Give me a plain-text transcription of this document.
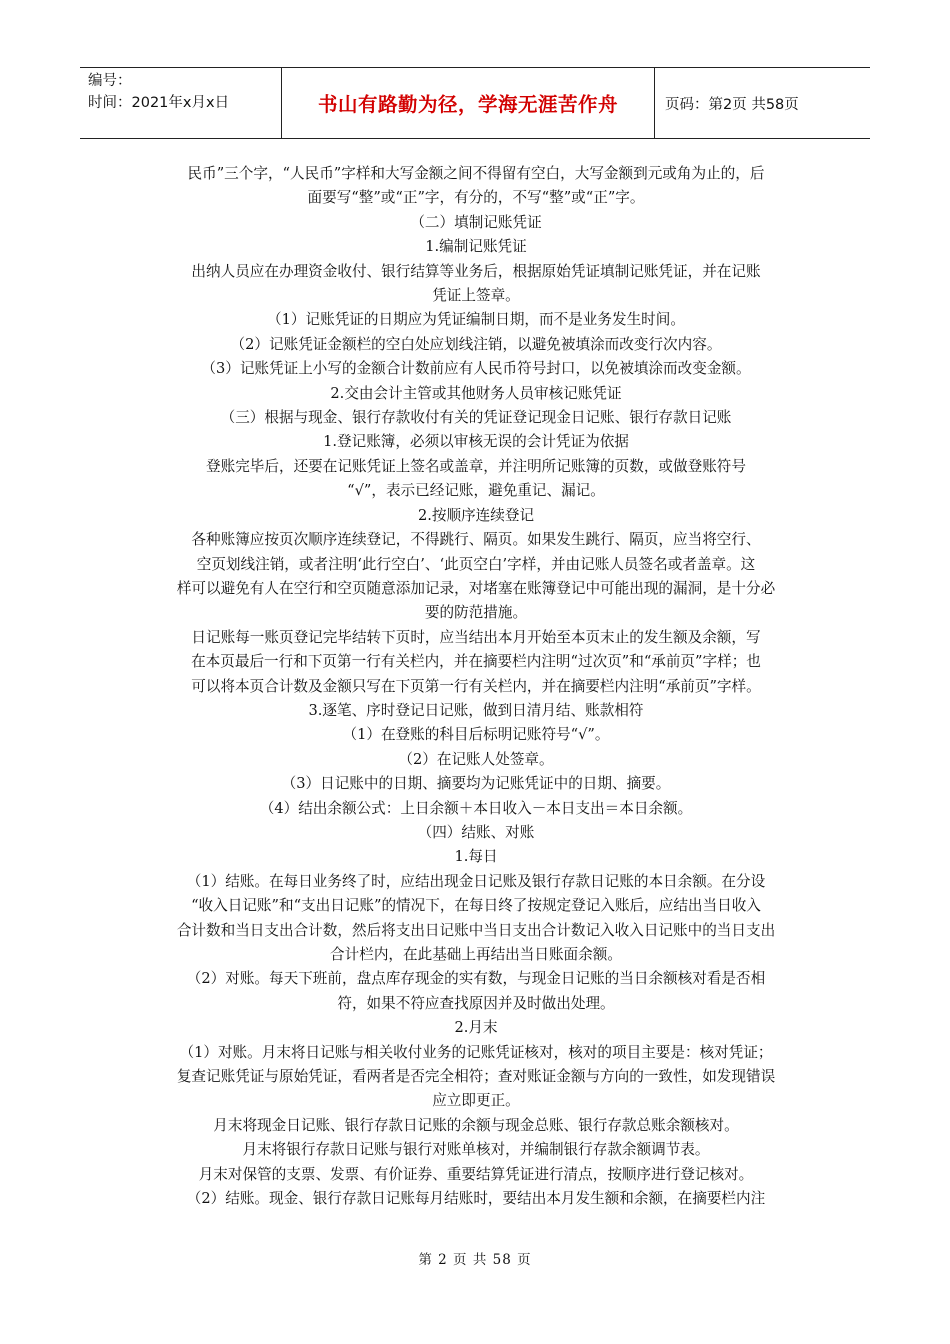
编号：
时间：2021年x月x日	书山有路勤为径，学海无涯苦作舟	页码：第2页 共58页

民币”三个字，“人民币”字样和大写金额之间不得留有空白，大写金额到元或角为止的，后

面要写“整”或“正”字，有分的，不写“整”或“正”字。

（二）填制记账凭证

1.编制记账凭证

出纳人员应在办理资金收付、银行结算等业务后，根据原始凭证填制记账凭证，并在记账

凭证上签章。

（1）记账凭证的日期应为凭证编制日期，而不是业务发生时间。

（2）记账凭证金额栏的空白处应划线注销，以避免被填涂而改变行次内容。

（3）记账凭证上小写的金额合计数前应有人民币符号封口，以免被填涂而改变金额。

2.交由会计主管或其他财务人员审核记账凭证

（三）根据与现金、银行存款收付有关的凭证登记现金日记账、银行存款日记账

1.登记账簿，必须以审核无误的会计凭证为依据

登账完毕后，还要在记账凭证上签名或盖章，并注明所记账簿的页数，或做登账符号

“√”，表示已经记账，避免重记、漏记。

2.按顺序连续登记

各种账簿应按页次顺序连续登记，不得跳行、隔页。如果发生跳行、隔页，应当将空行、

空页划线注销，或者注明‘此行空白’、‘此页空白’字样，并由记账人员签名或者盖章。这

样可以避免有人在空行和空页随意添加记录，对堵塞在账簿登记中可能出现的漏洞，是十分必

要的防范措施。

日记账每一账页登记完毕结转下页时，应当结出本月开始至本页末止的发生额及余额，写

在本页最后一行和下页第一行有关栏内，并在摘要栏内注明“过次页”和“承前页”字样；也

可以将本页合计数及金额只写在下页第一行有关栏内，并在摘要栏内注明“承前页”字样。

3.逐笔、序时登记日记账，做到日清月结、账款相符

（1）在登账的科目后标明记账符号“√”。

（2）在记账人处签章。

（3）日记账中的日期、摘要均为记账凭证中的日期、摘要。

（4）结出余额公式：上日余额＋本日收入－本日支出＝本日余额。

（四）结账、对账

1.每日

（1）结账。在每日业务终了时，应结出现金日记账及银行存款日记账的本日余额。在分设

“收入日记账”和“支出日记账”的情况下，在每日终了按规定登记入账后，应结出当日收入

合计数和当日支出合计数，然后将支出日记账中当日支出合计数记入收入日记账中的当日支出

合计栏内，在此基础上再结出当日账面余额。

（2）对账。每天下班前，盘点库存现金的实有数，与现金日记账的当日余额核对看是否相

符，如果不符应查找原因并及时做出处理。

2.月末

（1）对账。月末将日记账与相关收付业务的记账凭证核对，核对的项目主要是：核对凭证；

复查记账凭证与原始凭证，看两者是否完全相符；查对账证金额与方向的一致性，如发现错误

应立即更正。

月末将现金日记账、银行存款日记账的余额与现金总账、银行存款总账余额核对。

月末将银行存款日记账与银行对账单核对，并编制银行存款余额调节表。

月末对保管的支票、发票、有价证券、重要结算凭证进行清点，按顺序进行登记核对。

（2）结账。现金、银行存款日记账每月结账时，要结出本月发生额和余额，在摘要栏内注

第 2 页 共 58 页
